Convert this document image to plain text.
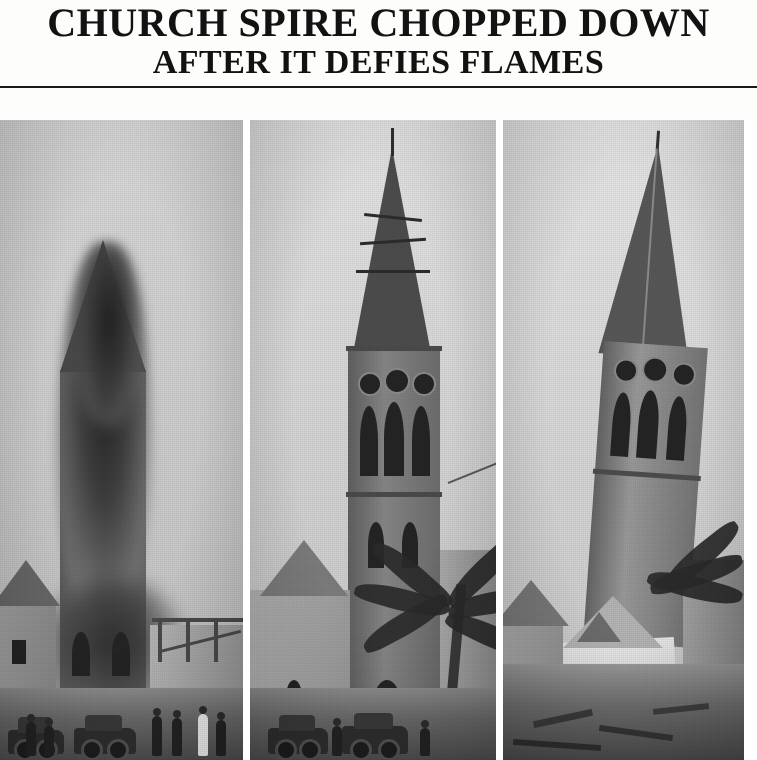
CHURCH SPIRE CHOPPED DOWN
AFTER IT DEFIES FLAMES
